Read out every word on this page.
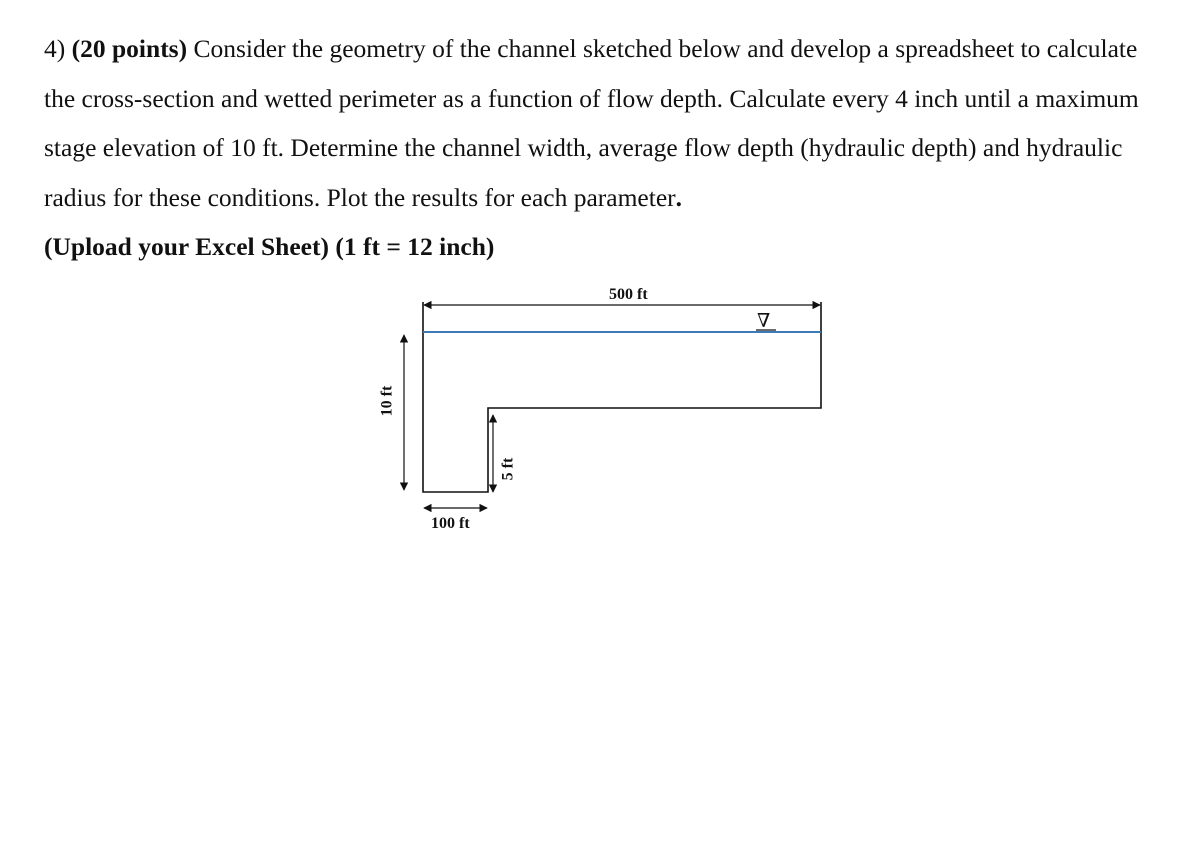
4) (20 points) Consider the geometry of the channel sketched below and develop a spreadsheet to calculate the cross-section and wetted perimeter as a function of flow depth. Calculate every 4 inch until a maximum stage elevation of 10 ft. Determine the channel width, average flow depth (hydraulic depth) and hydraulic radius for these conditions. Plot the results for each parameter.

(Upload your Excel Sheet) (1 ft = 12 inch)

500 ft
10 ft
5 ft
100 ft
∇
